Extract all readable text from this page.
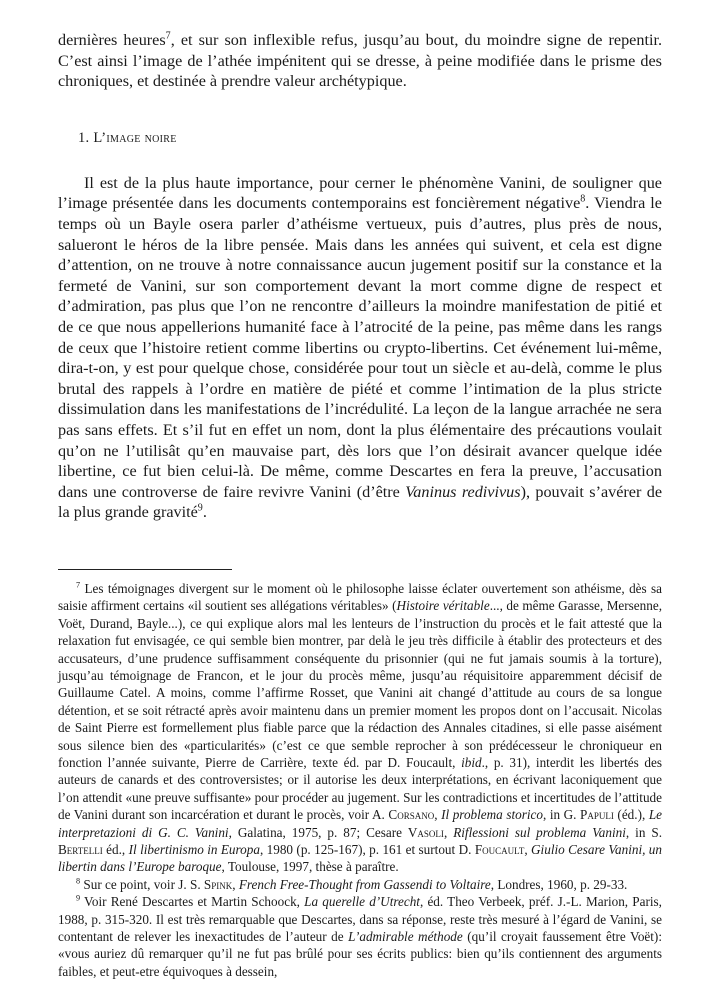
dernières heures$^7$, et sur son inflexible refus, jusqu’au bout, du moindre signe de repentir. C’est ainsi l’image de l’athée impénitent qui se dresse, à peine modifiée dans le prisme des chroniques, et destinée à prendre valeur archétypique.

1. L’image noire

Il est de la plus haute importance, pour cerner le phénomène Vanini, de souligner que l’image présentée dans les documents contemporains est foncièrement négative$^8$. Viendra le temps où un Bayle osera parler d’athéisme vertueux, puis d’autres, plus près de nous, salueront le héros de la libre pensée. Mais dans les années qui suivent, et cela est digne d’attention, on ne trouve à notre connaissance aucun jugement positif sur la constance et la fermeté de Vanini, sur son comportement devant la mort comme digne de respect et d’admiration, pas plus que l’on ne rencontre d’ailleurs la moindre manifestation de pitié et de ce que nous appellerions humanité face à l’atrocité de la peine, pas même dans les rangs de ceux que l’histoire retient comme libertins ou crypto-libertins. Cet événement lui-même, dira-t-on, y est pour quelque chose, considérée pour tout un siècle et au-delà, comme le plus brutal des rappels à l’ordre en matière de piété et comme l’intimation de la plus stricte dissimulation dans les manifestations de l’incrédulité. La leçon de la langue arrachée ne sera pas sans effets. Et s’il fut en effet un nom, dont la plus élémentaire des précautions voulait qu’on ne l’utilisât qu’en mauvaise part, dès lors que l’on désirait avancer quelque idée libertine, ce fut bien celui-là. De même, comme Descartes en fera la preuve, l’accusation dans une controverse de faire revivre Vanini (d’être Vaninus redivivus), pouvait s’avérer de la plus grande gravité$^9$.

$^7$ Les témoignages divergent sur le moment où le philosophe laisse éclater ouvertement son athéisme, dès sa saisie affirment certains «il soutient ses allégations véritables» (Histoire véritable..., de même Garasse, Mersenne, Voët, Durand, Bayle...), ce qui explique alors mal les lenteurs de l’instruction du procès et le fait attesté que la relaxation fut envisagée, ce qui semble bien montrer, par delà le jeu très difficile à établir des protecteurs et des accusateurs, d’une prudence suffisamment conséquente du prisonnier (qui ne fut jamais soumis à la torture), jusqu’au témoignage de Francon, et le jour du procès même, jusqu’au réquisitoire apparemment décisif de Guillaume Catel. A moins, comme l’affirme Rosset, que Vanini ait changé d’attitude au cours de sa longue détention, et se soit rétracté après avoir maintenu dans un premier moment les propos dont on l’accusait. Nicolas de Saint Pierre est formellement plus fiable parce que la rédaction des Annales citadines, si elle passe aisément sous silence bien des «particularités» (c’est ce que semble reprocher à son prédécesseur le chroniqueur en fonction l’année suivante, Pierre de Carrière, texte éd. par D. Foucault, ibid., p. 31), interdit les libertés des auteurs de canards et des controversistes; or il autorise les deux interprétations, en écrivant laconiquement que l’on attendit «une preuve suffisante» pour procéder au jugement. Sur les contradictions et incertitudes de l’attitude de Vanini durant son incarcération et durant le procès, voir A. Corsano, Il problema storico, in G. Papuli (éd.), Le interpretazioni di G. C. Vanini, Galatina, 1975, p. 87; Cesare Vasoli, Riflessioni sul problema Vanini, in S. Bertelli éd., Il libertinismo in Europa, 1980 (p. 125-167), p. 161 et surtout D. Foucault, Giulio Cesare Vanini, un libertin dans l’Europe baroque, Toulouse, 1997, thèse à paraître.

$^8$ Sur ce point, voir J. S. Spink, French Free-Thought from Gassendi to Voltaire, Londres, 1960, p. 29-33.

$^9$ Voir René Descartes et Martin Schoock, La querelle d’Utrecht, éd. Theo Verbeek, préf. J.-L. Marion, Paris, 1988, p. 315-320. Il est très remarquable que Descartes, dans sa réponse, reste très mesuré à l’égard de Vanini, se contentant de relever les inexactitudes de l’auteur de L’admirable méthode (qu’il croyait faussement être Voët): «vous auriez dû remarquer qu’il ne fut pas brûlé pour ses écrits publics: bien qu’ils contiennent des arguments faibles, et peut-etre équivoques à dessein,
